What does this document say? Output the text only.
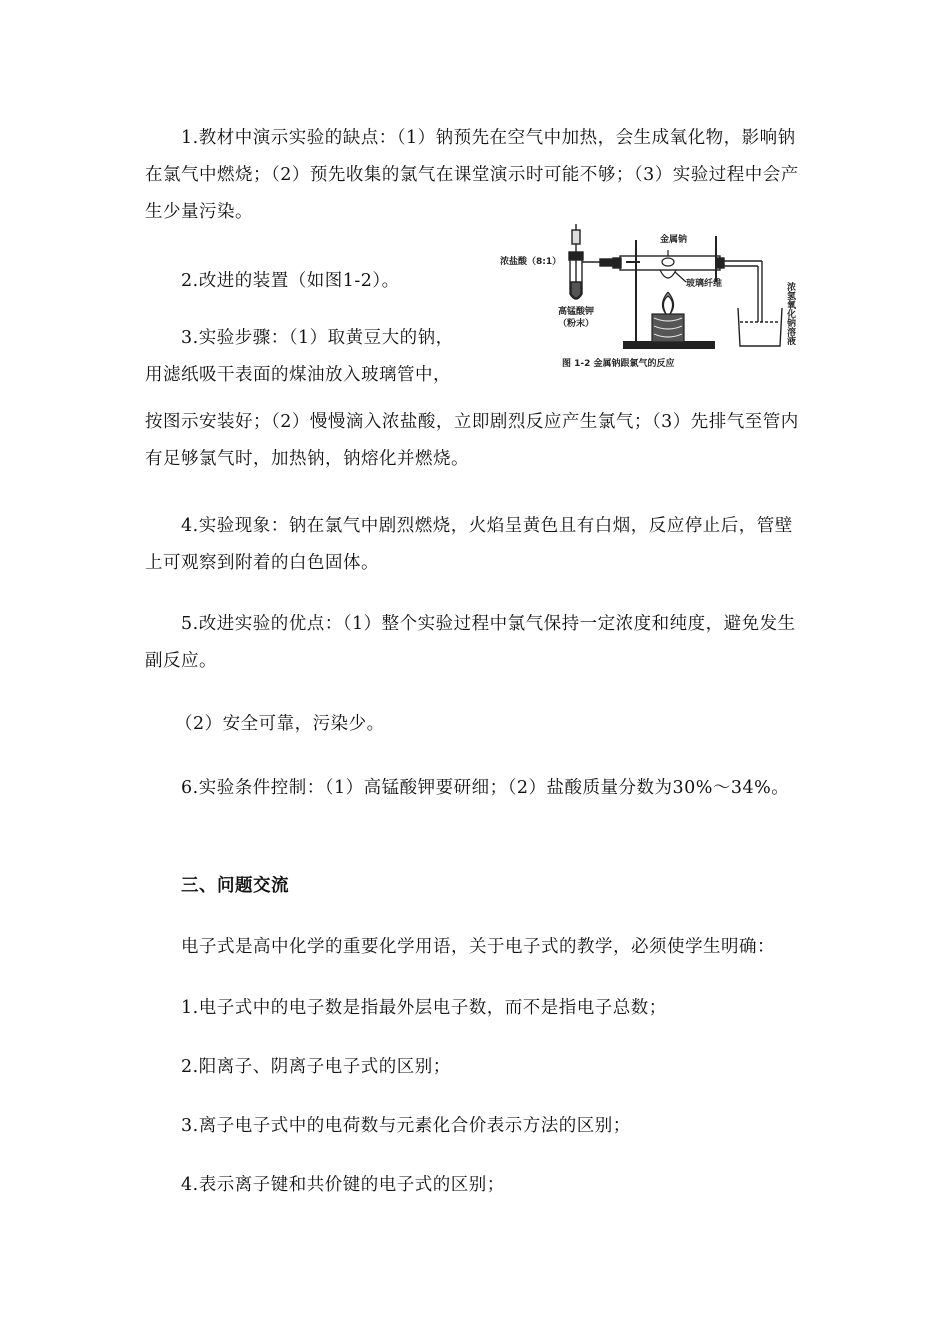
1.教材中演示实验的缺点：（1）钠预先在空气中加热，会生成氧化物，影响钠在氯气中燃烧；（2）预先收集的氯气在课堂演示时可能不够；（3）实验过程中会产生少量污染。

2.改进的装置（如图1-2）。

3.实验步骤：（1）取黄豆大的钠，

用滤纸吸干表面的煤油放入玻璃管中，

按图示安装好；（2）慢慢滴入浓盐酸，立即剧烈反应产生氯气；（3）先排气至管内有足够氯气时，加热钠，钠熔化并燃烧。

4.实验现象：钠在氯气中剧烈燃烧，火焰呈黄色且有白烟，反应停止后，管壁上可观察到附着的白色固体。

5.改进实验的优点：（1）整个实验过程中氯气保持一定浓度和纯度，避免发生副反应。

（2）安全可靠，污染少。

6.实验条件控制：（1）高锰酸钾要研细；（2）盐酸质量分数为30%～34%。

三、问题交流

电子式是高中化学的重要化学用语，关于电子式的教学，必须使学生明确：

1.电子式中的电子数是指最外层电子数，而不是指电子总数；

2.阳离子、阴离子电子式的区别；

3.离子电子式中的电荷数与元素化合价表示方法的区别；

4.表示离子键和共价键的电子式的区别；

浓盐酸（8:1）
金属钠
玻璃纤维
高锰酸钾
（粉末）	浓氢氧化钠溶液
图 1-2 金属钠跟氯气的反应
